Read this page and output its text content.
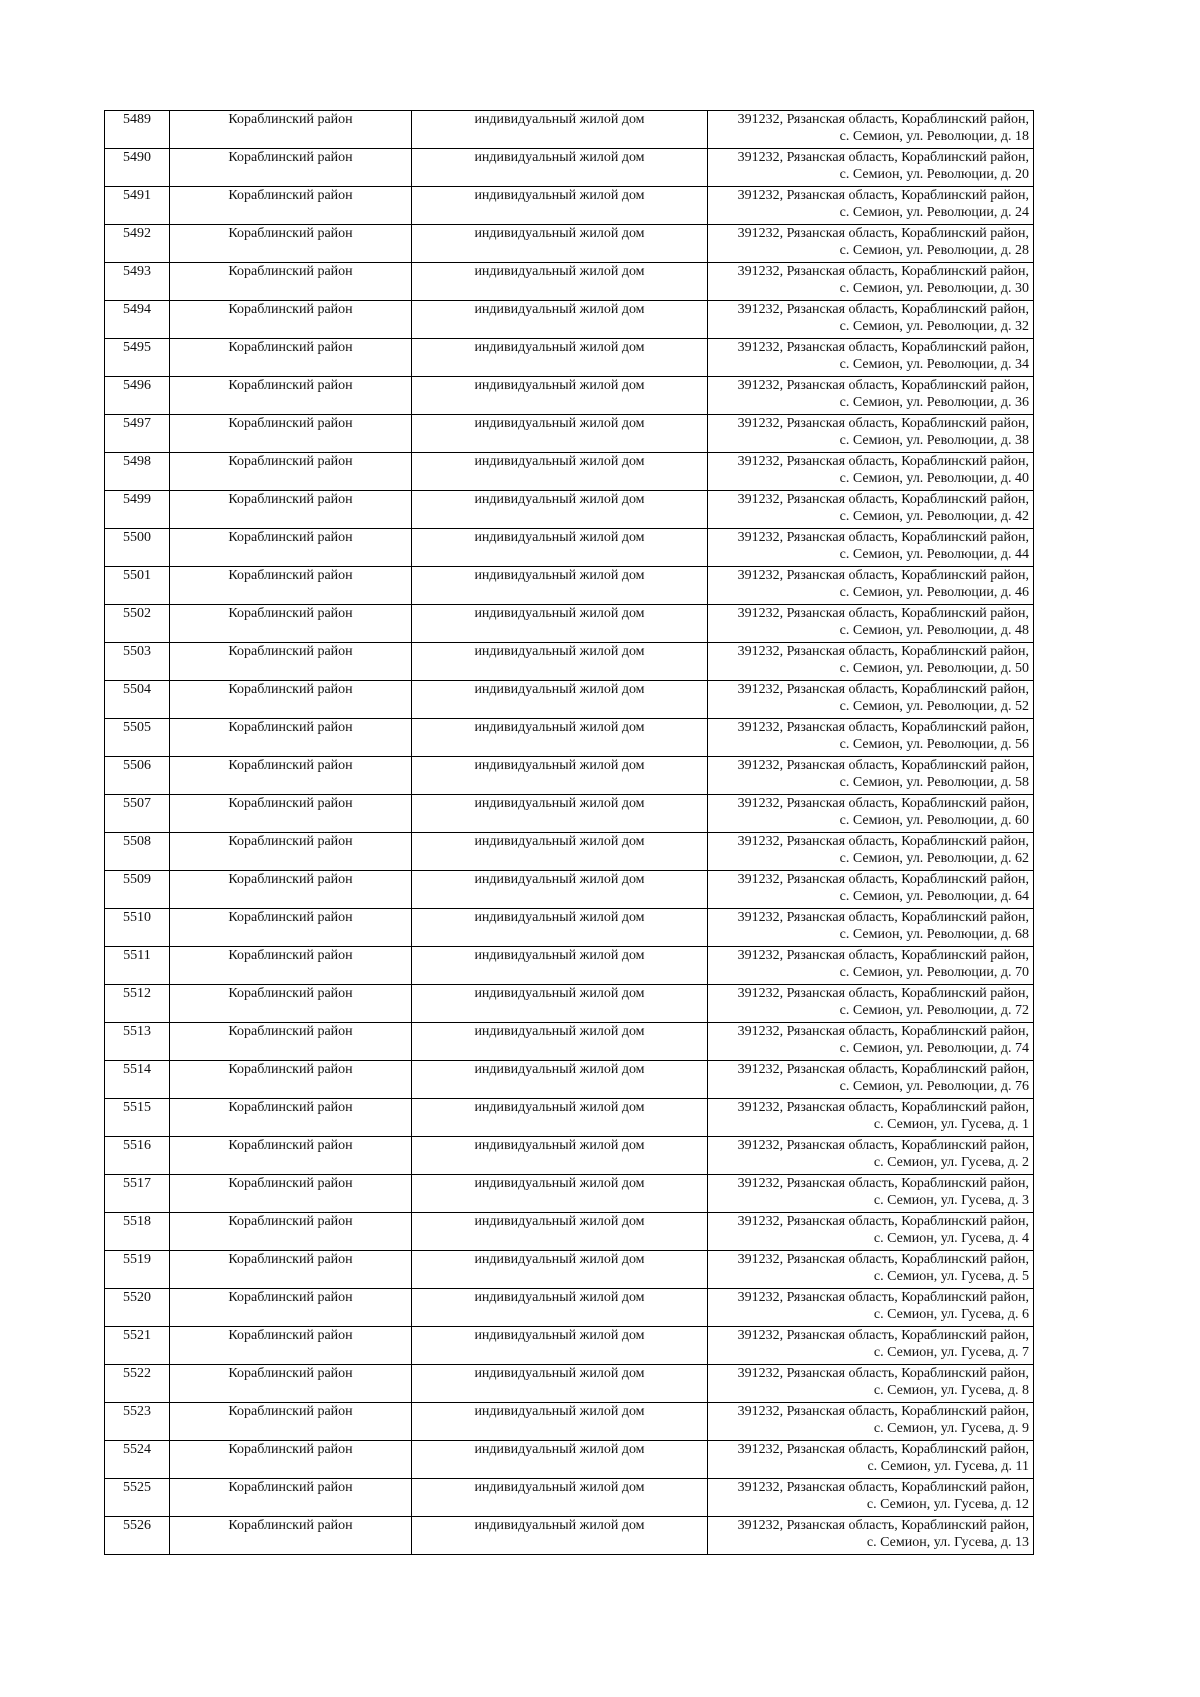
5489	Кораблинский район	индивидуальный жилой дом	391232, Рязанская область, Кораблинский район,
с. Семион, ул. Революции, д. 18

5490	Кораблинский район	индивидуальный жилой дом	391232, Рязанская область, Кораблинский район,
с. Семион, ул. Революции, д. 20

5491	Кораблинский район	индивидуальный жилой дом	391232, Рязанская область, Кораблинский район,
с. Семион, ул. Революции, д. 24

5492	Кораблинский район	индивидуальный жилой дом	391232, Рязанская область, Кораблинский район,
с. Семион, ул. Революции, д. 28

5493	Кораблинский район	индивидуальный жилой дом	391232, Рязанская область, Кораблинский район,
с. Семион, ул. Революции, д. 30

5494	Кораблинский район	индивидуальный жилой дом	391232, Рязанская область, Кораблинский район,
с. Семион, ул. Революции, д. 32

5495	Кораблинский район	индивидуальный жилой дом	391232, Рязанская область, Кораблинский район,
с. Семион, ул. Революции, д. 34

5496	Кораблинский район	индивидуальный жилой дом	391232, Рязанская область, Кораблинский район,
с. Семион, ул. Революции, д. 36

5497	Кораблинский район	индивидуальный жилой дом	391232, Рязанская область, Кораблинский район,
с. Семион, ул. Революции, д. 38

5498	Кораблинский район	индивидуальный жилой дом	391232, Рязанская область, Кораблинский район,
с. Семион, ул. Революции, д. 40

5499	Кораблинский район	индивидуальный жилой дом	391232, Рязанская область, Кораблинский район,
с. Семион, ул. Революции, д. 42

5500	Кораблинский район	индивидуальный жилой дом	391232, Рязанская область, Кораблинский район,
с. Семион, ул. Революции, д. 44

5501	Кораблинский район	индивидуальный жилой дом	391232, Рязанская область, Кораблинский район,
с. Семион, ул. Революции, д. 46

5502	Кораблинский район	индивидуальный жилой дом	391232, Рязанская область, Кораблинский район,
с. Семион, ул. Революции, д. 48

5503	Кораблинский район	индивидуальный жилой дом	391232, Рязанская область, Кораблинский район,
с. Семион, ул. Революции, д. 50

5504	Кораблинский район	индивидуальный жилой дом	391232, Рязанская область, Кораблинский район,
с. Семион, ул. Революции, д. 52

5505	Кораблинский район	индивидуальный жилой дом	391232, Рязанская область, Кораблинский район,
с. Семион, ул. Революции, д. 56

5506	Кораблинский район	индивидуальный жилой дом	391232, Рязанская область, Кораблинский район,
с. Семион, ул. Революции, д. 58

5507	Кораблинский район	индивидуальный жилой дом	391232, Рязанская область, Кораблинский район,
с. Семион, ул. Революции, д. 60

5508	Кораблинский район	индивидуальный жилой дом	391232, Рязанская область, Кораблинский район,
с. Семион, ул. Революции, д. 62

5509	Кораблинский район	индивидуальный жилой дом	391232, Рязанская область, Кораблинский район,
с. Семион, ул. Революции, д. 64

5510	Кораблинский район	индивидуальный жилой дом	391232, Рязанская область, Кораблинский район,
с. Семион, ул. Революции, д. 68

5511	Кораблинский район	индивидуальный жилой дом	391232, Рязанская область, Кораблинский район,
с. Семион, ул. Революции, д. 70

5512	Кораблинский район	индивидуальный жилой дом	391232, Рязанская область, Кораблинский район,
с. Семион, ул. Революции, д. 72

5513	Кораблинский район	индивидуальный жилой дом	391232, Рязанская область, Кораблинский район,
с. Семион, ул. Революции, д. 74

5514	Кораблинский район	индивидуальный жилой дом	391232, Рязанская область, Кораблинский район,
с. Семион, ул. Революции, д. 76

5515	Кораблинский район	индивидуальный жилой дом	391232, Рязанская область, Кораблинский район,
с. Семион, ул. Гусева, д. 1

5516	Кораблинский район	индивидуальный жилой дом	391232, Рязанская область, Кораблинский район,
с. Семион, ул. Гусева, д. 2

5517	Кораблинский район	индивидуальный жилой дом	391232, Рязанская область, Кораблинский район,
с. Семион, ул. Гусева, д. 3

5518	Кораблинский район	индивидуальный жилой дом	391232, Рязанская область, Кораблинский район,
с. Семион, ул. Гусева, д. 4

5519	Кораблинский район	индивидуальный жилой дом	391232, Рязанская область, Кораблинский район,
с. Семион, ул. Гусева, д. 5

5520	Кораблинский район	индивидуальный жилой дом	391232, Рязанская область, Кораблинский район,
с. Семион, ул. Гусева, д. 6

5521	Кораблинский район	индивидуальный жилой дом	391232, Рязанская область, Кораблинский район,
с. Семион, ул. Гусева, д. 7

5522	Кораблинский район	индивидуальный жилой дом	391232, Рязанская область, Кораблинский район,
с. Семион, ул. Гусева, д. 8

5523	Кораблинский район	индивидуальный жилой дом	391232, Рязанская область, Кораблинский район,
с. Семион, ул. Гусева, д. 9

5524	Кораблинский район	индивидуальный жилой дом	391232, Рязанская область, Кораблинский район,
с. Семион, ул. Гусева, д. 11

5525	Кораблинский район	индивидуальный жилой дом	391232, Рязанская область, Кораблинский район,
с. Семион, ул. Гусева, д. 12

5526	Кораблинский район	индивидуальный жилой дом	391232, Рязанская область, Кораблинский район,
с. Семион, ул. Гусева, д. 13
